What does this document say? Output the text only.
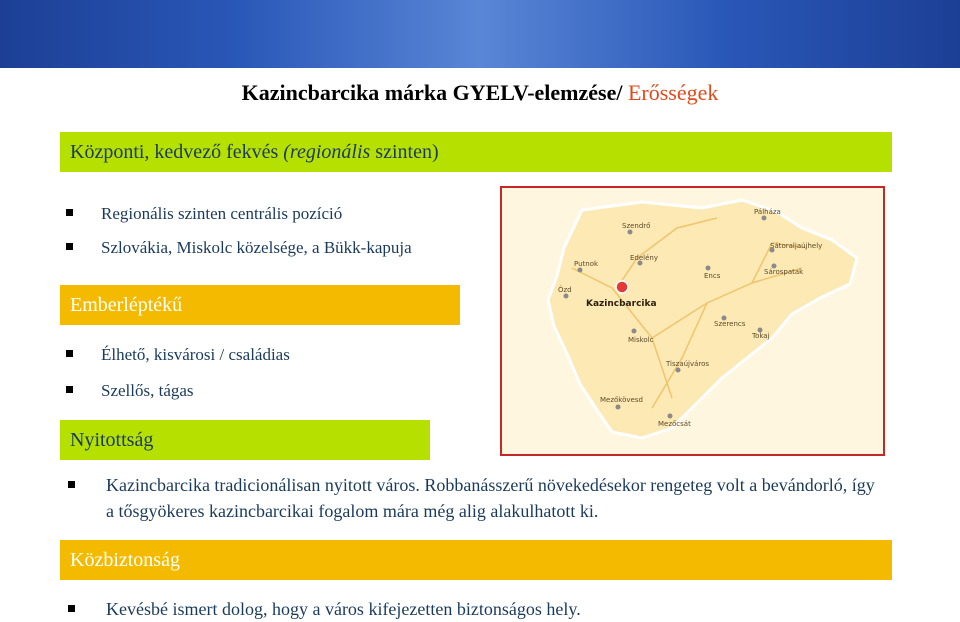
Kazincbarcika márka GYELV-elemzése/ Erősségek
Központi, kedvező fekvés (regionális szinten)
Regionális szinten centrális pozíció
Szlovákia, Miskolc közelsége, a Bükk-kapuja
Emberléptékű
Élhető, kisvárosi / családias
Szellős, tágas
Nyitottság
Kazincbarcika tradicionálisan nyitott város. Robbanásszerű növekedésekor rengeteg volt a bevándorló, így a tősgyökeres kazincbarcikai fogalom mára még alig alakulhatott ki.
Közbiztonság
Kevésbé ismert dolog, hogy a város kifejezetten biztonságos hely.
Szendrő
Pálháza
Sátoraljaújhely
Putnok
Edelény
Encs	Sárospatak
Ózd
Szerencs
Tokaj
Miskolc
Tiszaújváros
Mezőkövesd
Mezőcsát
Kazincbarcika
